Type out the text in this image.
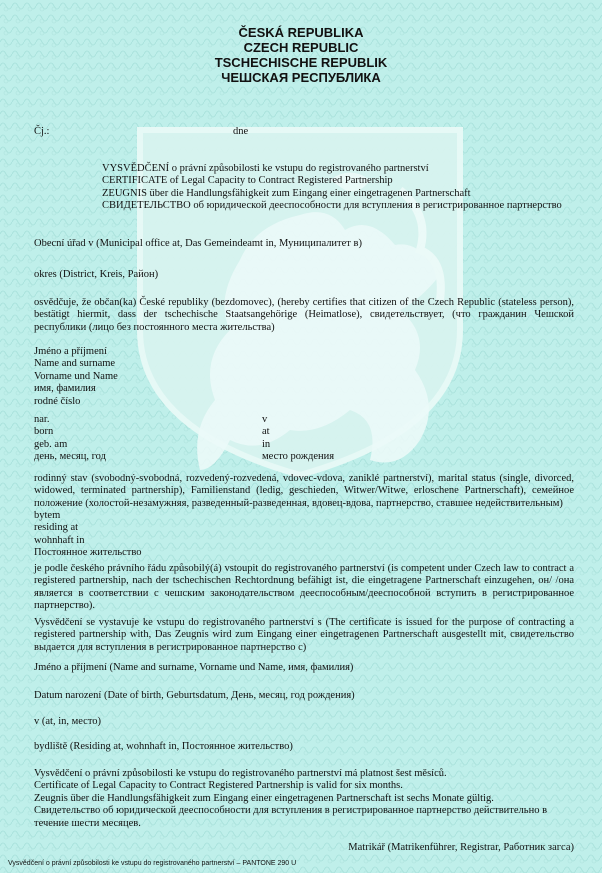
ČESKÁ REPUBLIKA
CZECH REPUBLIC
TSCHECHISCHE REPUBLIK
ЧЕШСКАЯ РЕСПУБЛИКА
Čj.:	dne
VYSVĚDČENÍ o právní způsobilosti ke vstupu do registrovaného partnerství
CERTIFICATE of Legal Capacity to Contract Registered Partnership
ZEUGNIS über die Handlungsfähigkeit zum Eingang einer eingetragenen Partnerschaft
СВИДЕТЕЛЬСТВО об юридической дееспособности для вступления в регистрированное партнерство
Obecní úřad v (Municipal office at, Das Gemeindeamt in, Муниципалитет в)
okres (District, Kreis, Район)
osvědčuje, že občan(ka) České republiky (bezdomovec), (hereby certifies that citizen of the Czech Republic (stateless person), bestätigt hiermit, dass der tschechische Staatsangehörige (Heimatlose), свидетельствует, (что гражданин Чешской республики (лицо без постоянного места жительства)
Jméno a příjmení
Name and surname
Vorname und Name
имя, фамилия
rodné číslo
nar.
born
geb. am
день, месяц, год
v
at
in
место рождения
rodinný stav (svobodný-svobodná, rozvedený-rozvedená, vdovec-vdova, zaniklé partnerství), marital status (single, divorced, widowed, terminated partnership), Familienstand (ledig, geschieden, Witwer/Witwe, erloschene Partnerschaft), семейное положение (холостой-незамужняя, разведенный-разведенная, вдовец-вдова, партнерство, ставшее недействительным)
bytem
residing at
wohnhaft in
Постоянное жительство
je podle českého právního řádu způsobilý(á) vstoupit do registrovaného partnerství (is competent under Czech law to contract a registered partnership, nach der tschechischen Rechtordnung befähigt ist, die eingetragene Partnerschaft einzugehen, он/ /она является в соответствии с чешским законодательством дееспособным/дееспособной вступить в регистрированное партнерство).
Vysvědčení se vystavuje ke vstupu do registrovaného partnerství s (The certificate is issued for the purpose of contracting a registered partnership with, Das Zeugnis wird zum Eingang einer eingetragenen Partnerschaft ausgestellt mit, свидетельство выдается для вступления в регистрированное партнерство с)
Jméno a příjmení (Name and surname, Vorname und Name, имя, фамилия)
Datum narození (Date of birth, Geburtsdatum, День, месяц, год рождения)
v (at, in, место)
bydliště (Residing at, wohnhaft in, Постоянное жительство)
Vysvědčení o právní způsobilosti ke vstupu do registrovaného partnerství má platnost šest měsíců.
Certificate of Legal Capacity to Contract Registered Partnership is valid for six months.
Zeugnis über die Handlungsfähigkeit zum Eingang einer eingetragenen Partnerschaft ist sechs Monate gültig.
Свидетельство об юридической дееспособности для вступления в регистрированное партнерство действительно в течение шести месяцев.
Matrikář (Matrikenführer, Registrar, Работник загса)
Vysvědčení o právní způsobilosti ke vstupu do registrovaného partnerství – PANTONE 290 U
